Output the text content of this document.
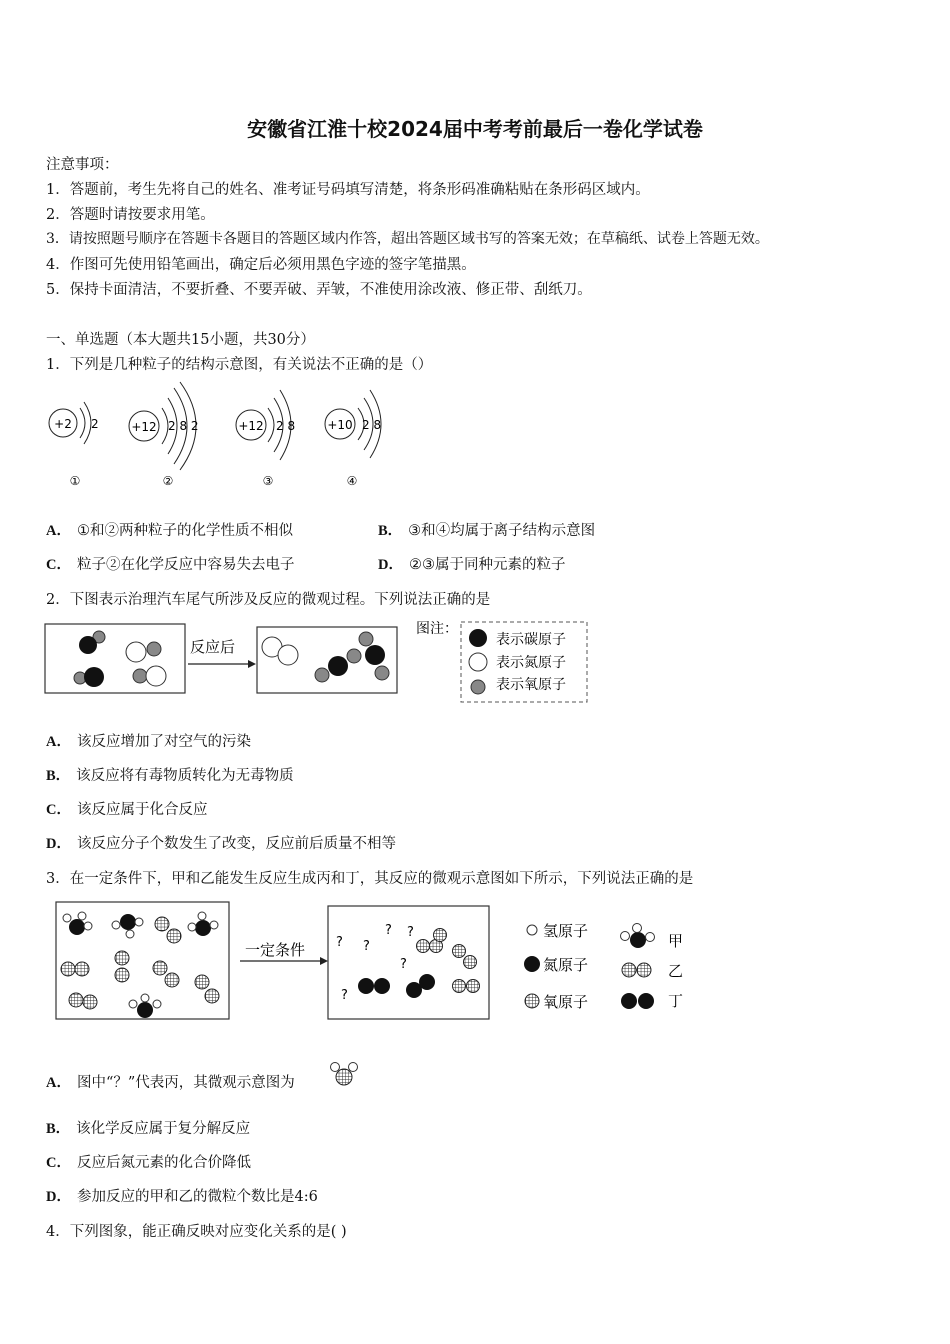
安徽省江淮十校2024届中考考前最后一卷化学试卷
注意事项：
1．答题前，考生先将自己的姓名、准考证号码填写清楚，将条形码准确粘贴在条形码区域内。
2．答题时请按要求用笔。
3．请按照题号顺序在答题卡各题目的答题区域内作答，超出答题区域书写的答案无效；在草稿纸、试卷上答题无效。
4．作图可先使用铅笔画出，确定后必须用黑色字迹的签字笔描黑。
5．保持卡面清洁，不要折叠、不要弄破、弄皱，不准使用涂改液、修正带、刮纸刀。
一、单选题（本大题共15小题，共30分）
1．下列是几种粒子的结构示意图，有关说法不正确的是（）
+2 2
①
+12 2 8 2
②
+12 2 8
③
+10 2 8
④
A． ①和②两种粒子的化学性质不相似	B． ③和④均属于离子结构示意图
C． 粒子②在化学反应中容易失去电子	D． ②③属于同种元素的粒子
2．下图表示治理汽车尾气所涉及反应的微观过程。下列说法正确的是
反应后
图注：
表示碳原子
表示氮原子
表示氧原子
A． 该反应增加了对空气的污染
B． 该反应将有毒物质转化为无毒物质
C． 该反应属于化合反应
D． 该反应分子个数发生了改变，反应前后质量不相等
3．在一定条件下，甲和乙能发生反应生成丙和丁，其反应的微观示意图如下所示，下列说法正确的是
一定条件 ? ?
? ?
?
?
氢原子
氮原子
氧原子
甲
乙
丁
A． 图中“？”代表丙，其微观示意图为
B． 该化学反应属于复分解反应
C． 反应后氮元素的化合价降低
D． 参加反应的甲和乙的微粒个数比是4:6
4．下列图象，能正确反映对应变化关系的是( )
